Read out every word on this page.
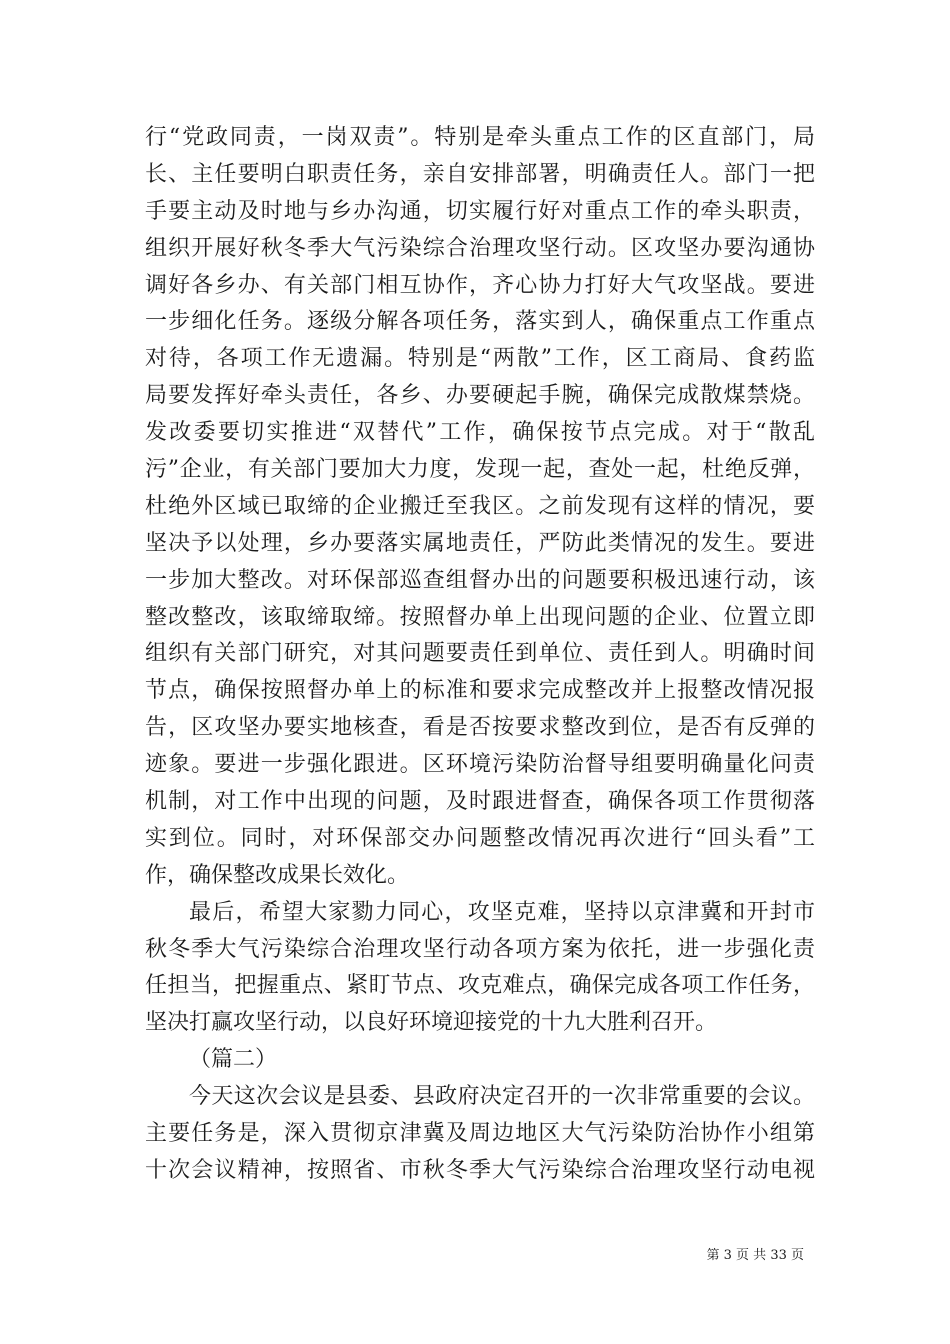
行“党政同责，一岗双责”。特别是牵头重点工作的区直部门，局
长、主任要明白职责任务，亲自安排部署，明确责任人。部门一把
手要主动及时地与乡办沟通，切实履行好对重点工作的牵头职责，
组织开展好秋冬季大气污染综合治理攻坚行动。区攻坚办要沟通协
调好各乡办、有关部门相互协作，齐心协力打好大气攻坚战。要进
一步细化任务。逐级分解各项任务，落实到人，确保重点工作重点
对待，各项工作无遗漏。特别是“两散”工作，区工商局、食药监
局要发挥好牵头责任，各乡、办要硬起手腕，确保完成散煤禁烧。
发改委要切实推进“双替代”工作，确保按节点完成。对于“散乱
污”企业，有关部门要加大力度，发现一起，查处一起，杜绝反弹，
杜绝外区域已取缔的企业搬迁至我区。之前发现有这样的情况，要
坚决予以处理，乡办要落实属地责任，严防此类情况的发生。要进
一步加大整改。对环保部巡查组督办出的问题要积极迅速行动，该
整改整改，该取缔取缔。按照督办单上出现问题的企业、位置立即
组织有关部门研究，对其问题要责任到单位、责任到人。明确时间
节点，确保按照督办单上的标准和要求完成整改并上报整改情况报
告，区攻坚办要实地核查，看是否按要求整改到位，是否有反弹的
迹象。要进一步强化跟进。区环境污染防治督导组要明确量化问责
机制，对工作中出现的问题，及时跟进督查，确保各项工作贯彻落
实到位。同时，对环保部交办问题整改情况再次进行“回头看”工
作，确保整改成果长效化。
最后，希望大家勠力同心，攻坚克难，坚持以京津冀和开封市
秋冬季大气污染综合治理攻坚行动各项方案为依托，进一步强化责
任担当，把握重点、紧盯节点、攻克难点，确保完成各项工作任务，
坚决打赢攻坚行动，以良好环境迎接党的十九大胜利召开。
（篇二）
今天这次会议是县委、县政府决定召开的一次非常重要的会议。
主要任务是，深入贯彻京津冀及周边地区大气污染防治协作小组第
十次会议精神，按照省、市秋冬季大气污染综合治理攻坚行动电视
第 3 页 共 33 页
